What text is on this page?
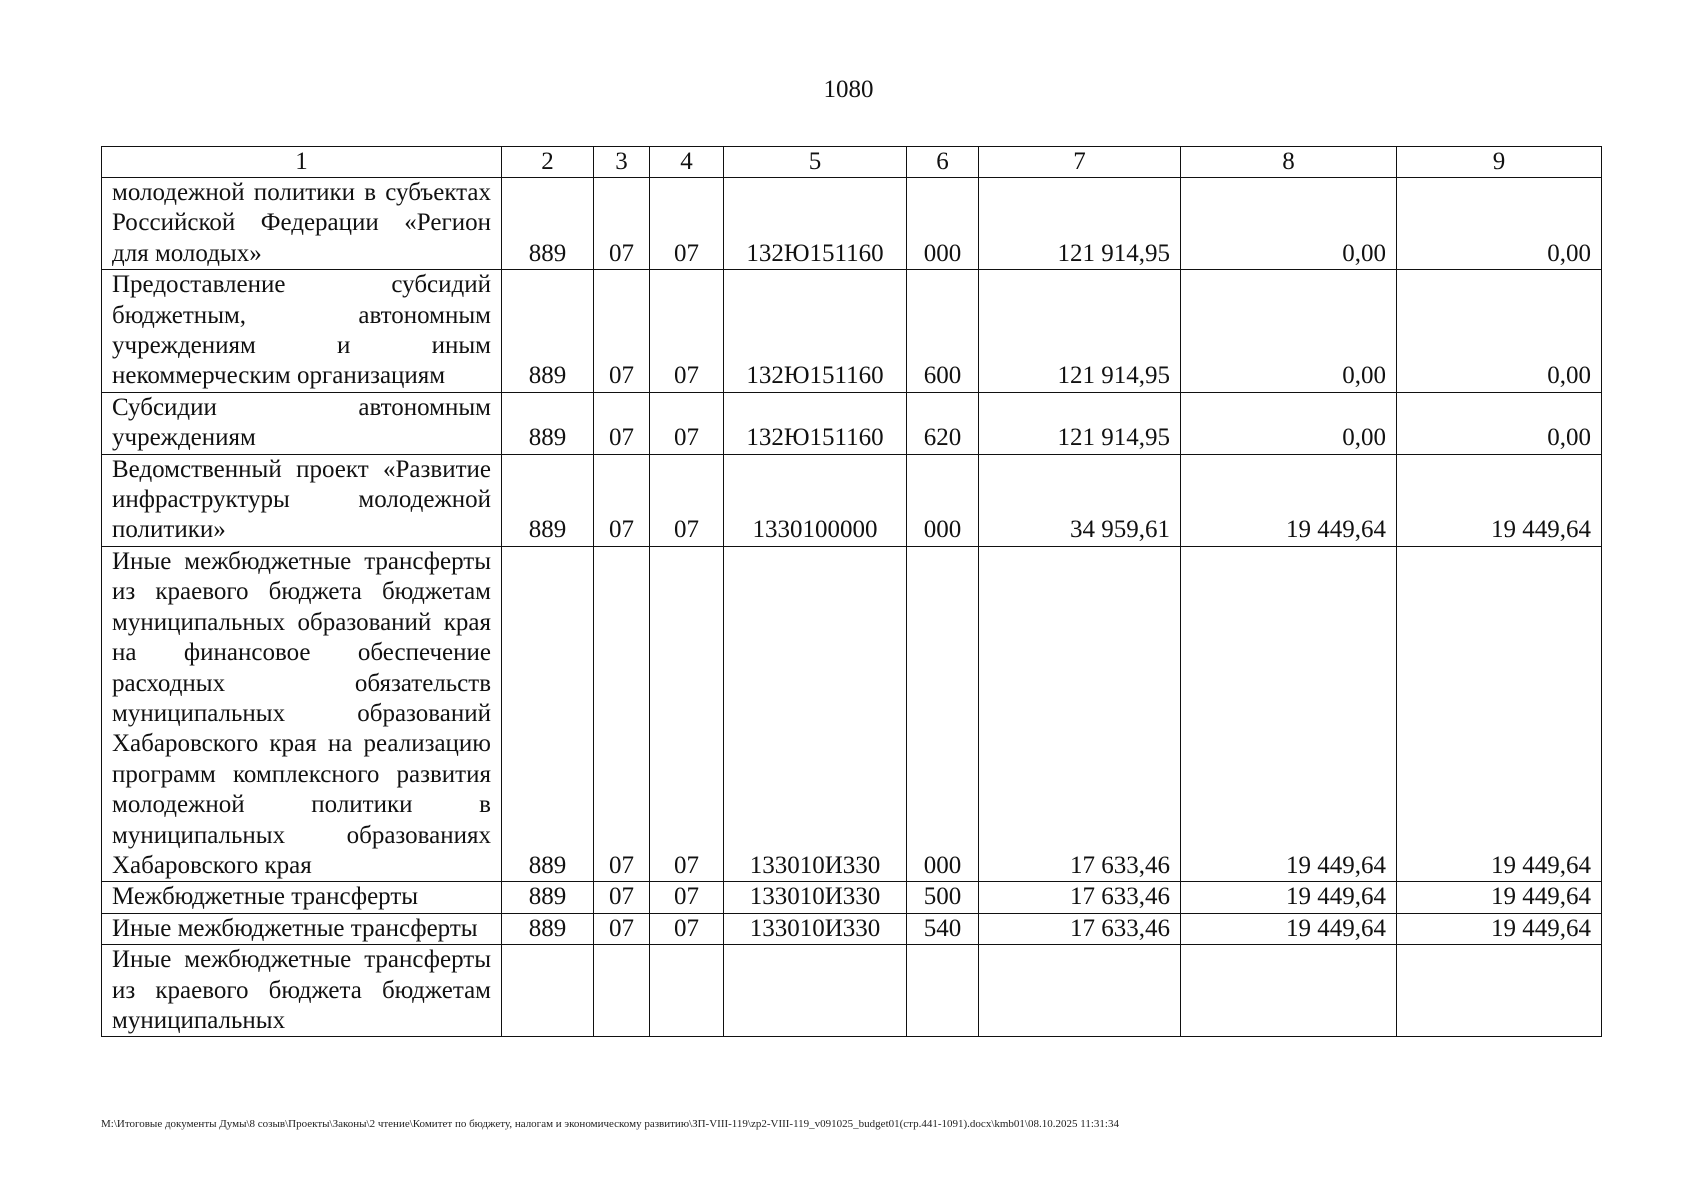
1080
1	2	3	4	5	6	7	8	9
молодежной политики в субъектах Российской Федерации «Регион для молодых»	889	07	07	132Ю151160	000	121 914,95	0,00	0,00
Предоставление субсидий бюджетным, автономным учреждениям и иным некоммерческим организациям	889	07	07	132Ю151160	600	121 914,95	0,00	0,00
Субсидии автономным учреждениям	889	07	07	132Ю151160	620	121 914,95	0,00	0,00
Ведомственный проект «Развитие инфраструктуры молодежной политики»	889	07	07	1330100000	000	34 959,61	19 449,64	19 449,64
Иные межбюджетные трансферты из краевого бюджета бюджетам муниципальных образований края на финансовое обеспечение расходных обязательств муниципальных образований Хабаровского края на реализацию программ комплексного развития молодежной политики в муниципальных образованиях Хабаровского края	889	07	07	133010И330	000	17 633,46	19 449,64	19 449,64
Межбюджетные трансферты	889	07	07	133010И330	500	17 633,46	19 449,64	19 449,64
Иные межбюджетные трансферты	889	07	07	133010И330	540	17 633,46	19 449,64	19 449,64
Иные межбюджетные трансферты из краевого бюджета бюджетам муниципальных								
M:\Итоговые документы Думы\8 созыв\Проекты\Законы\2 чтение\Комитет по бюджету, налогам и экономическому развитию\ЗП-VIII-119\zp2-VIII-119_v091025_budget01(стр.441-1091).docx\kmb01\08.10.2025 11:31:34
